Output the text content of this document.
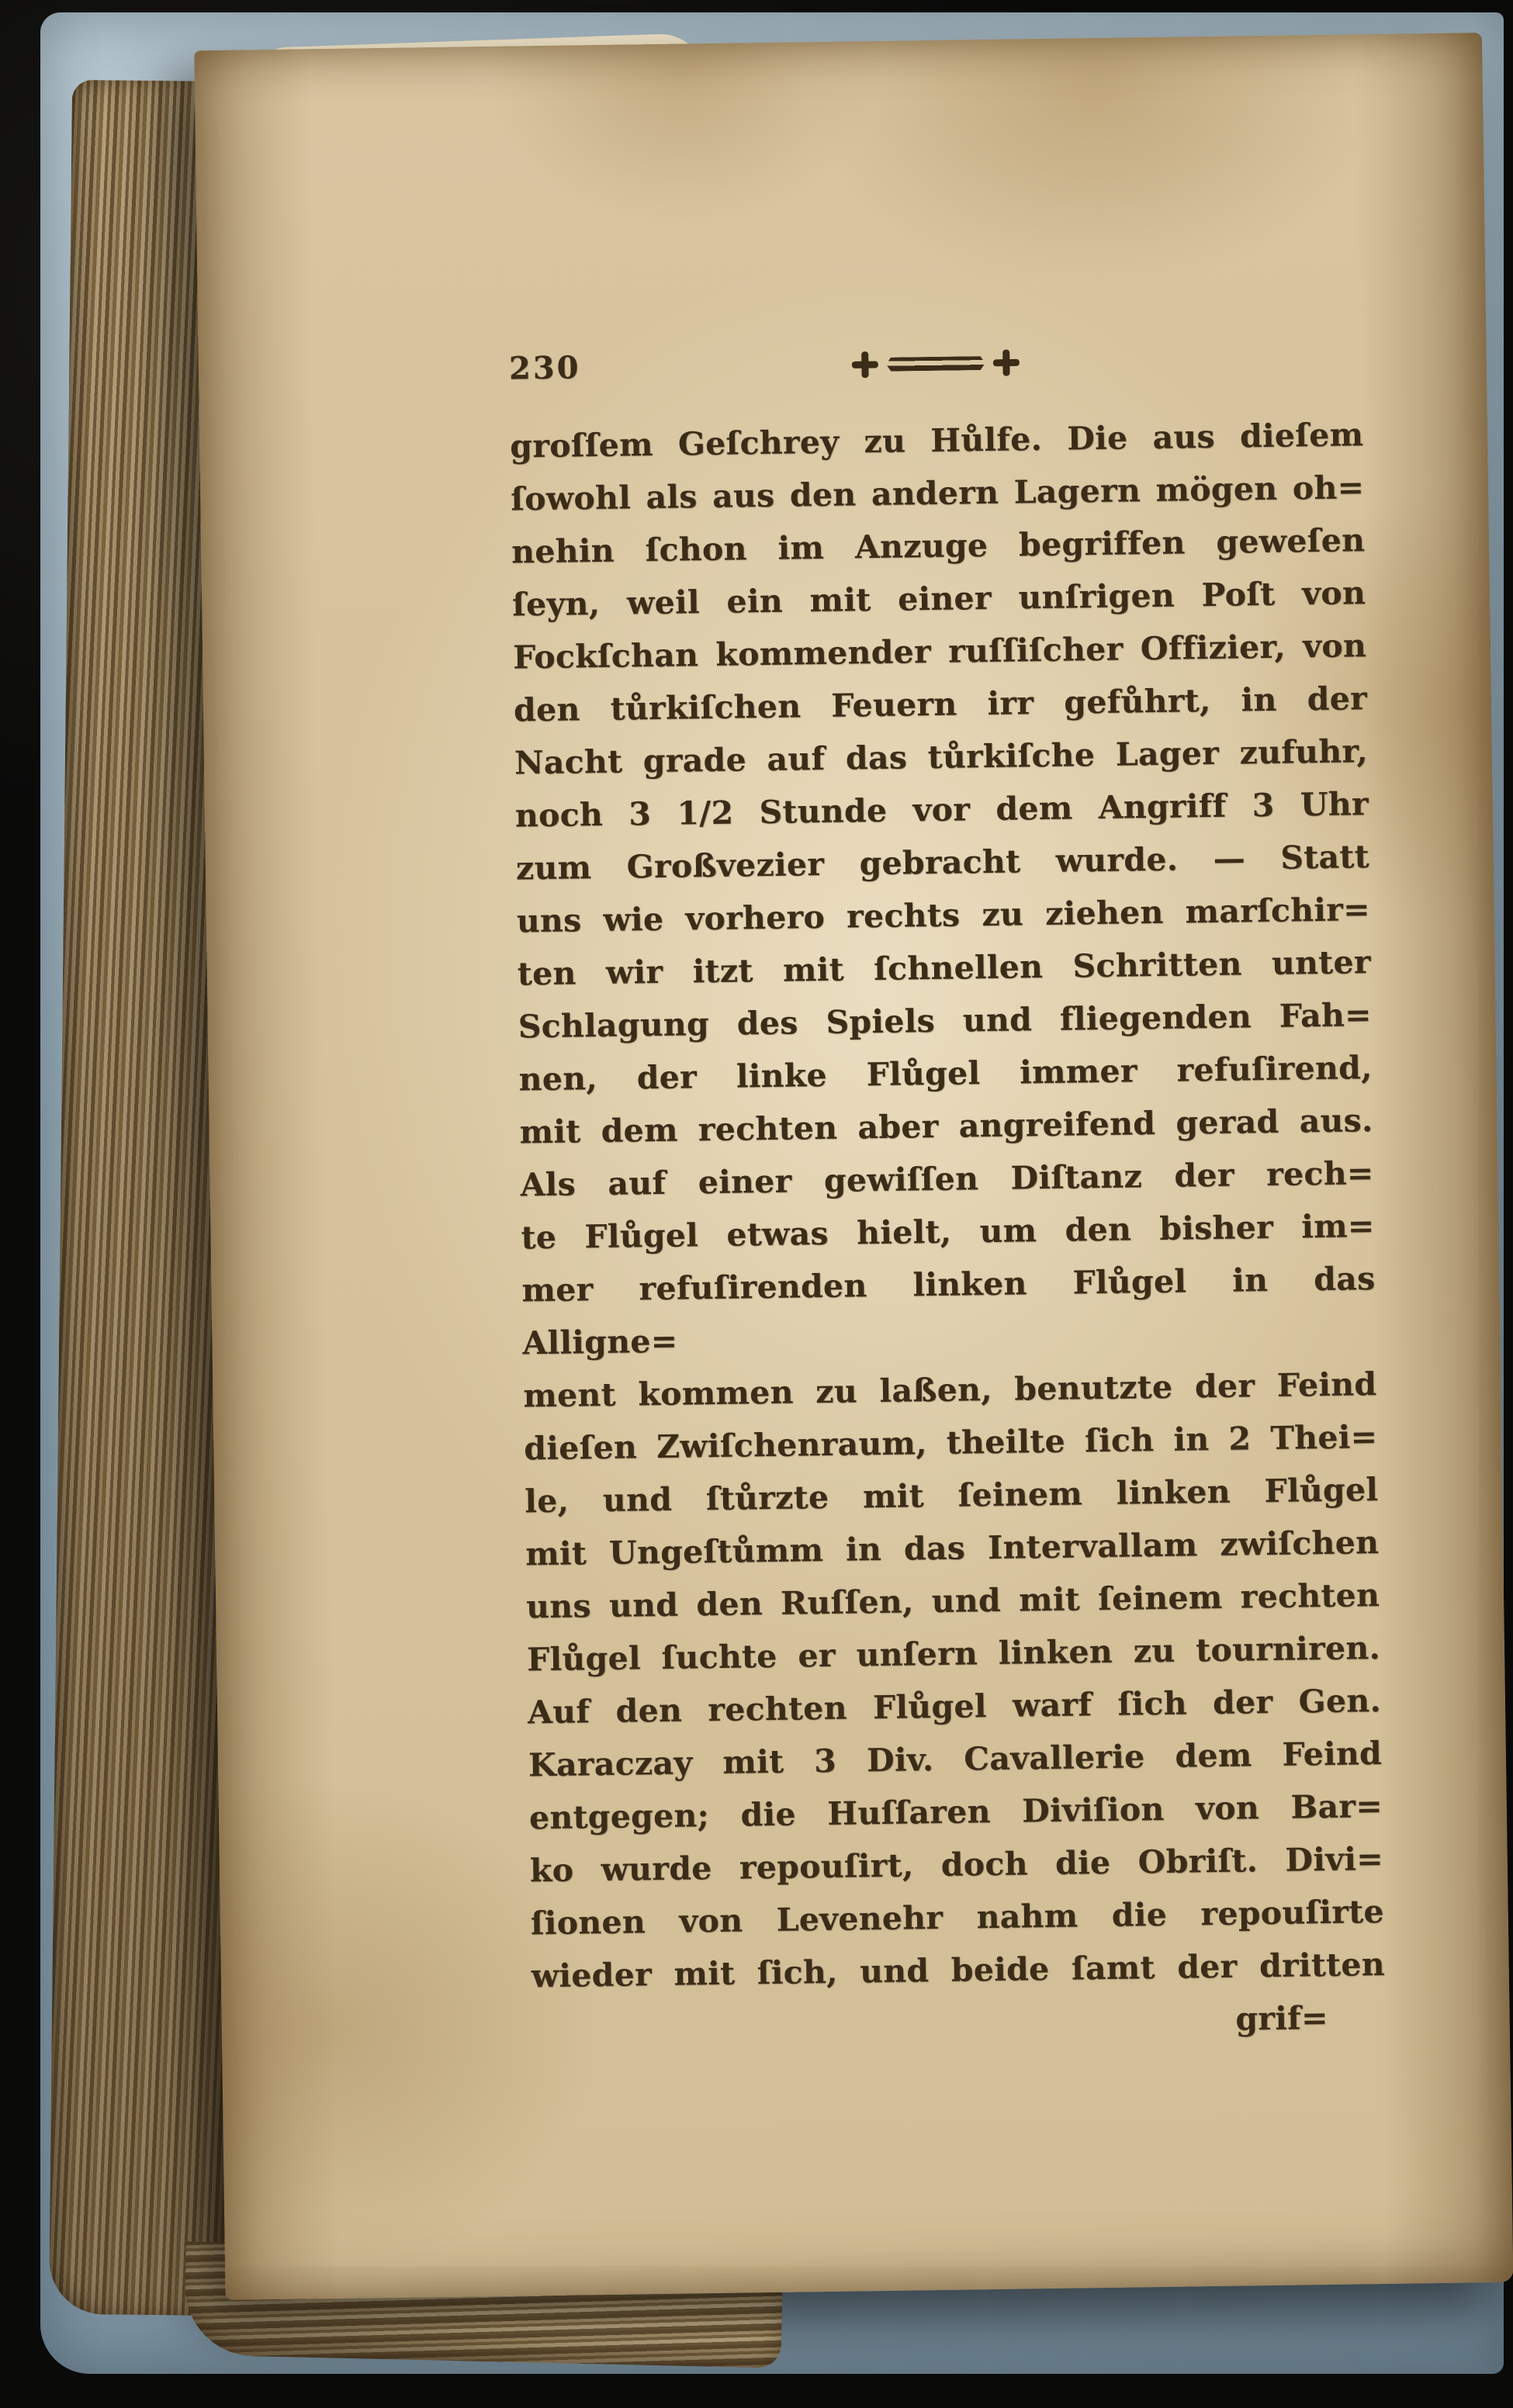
230
groſſem Geſchrey zu Hůlfe. Die aus dieſem
ſowohl als aus den andern Lagern mögen oh=
nehin ſchon im Anzuge begriffen geweſen
ſeyn, weil ein mit einer unſrigen Poſt von
Fockſchan kommender ruſſiſcher Offizier, von
den tůrkiſchen Feuern irr gefůhrt, in der
Nacht grade auf das tůrkiſche Lager zufuhr,
noch 3 1/2 Stunde vor dem Angriff 3 Uhr
zum Großvezier gebracht wurde. — Statt
uns wie vorhero rechts zu ziehen marſchir=
ten wir itzt mit ſchnellen Schritten unter
Schlagung des Spiels und fliegenden Fah=
nen, der linke Flůgel immer refuſirend,
mit dem rechten aber angreifend gerad aus.
Als auf einer gewiſſen Diſtanz der rech=
te Flůgel etwas hielt, um den bisher im=
mer refuſirenden linken Flůgel in das Alligne=
ment kommen zu laßen, benutzte der Feind
dieſen Zwiſchenraum, theilte ſich in 2 Thei=
le, und ſtůrzte mit ſeinem linken Flůgel
mit Ungeſtůmm in das Intervallam zwiſchen
uns und den Ruſſen, und mit ſeinem rechten
Flůgel ſuchte er unſern linken zu tourniren.
Auf den rechten Flůgel warf ſich der Gen.
Karaczay mit 3 Div. Cavallerie dem Feind
entgegen; die Huſſaren Diviſion von Bar=
ko wurde repouſirt, doch die Obriſt. Divi=
ſionen von Levenehr nahm die repouſirte
wieder mit ſich, und beide ſamt der dritten
grif=
